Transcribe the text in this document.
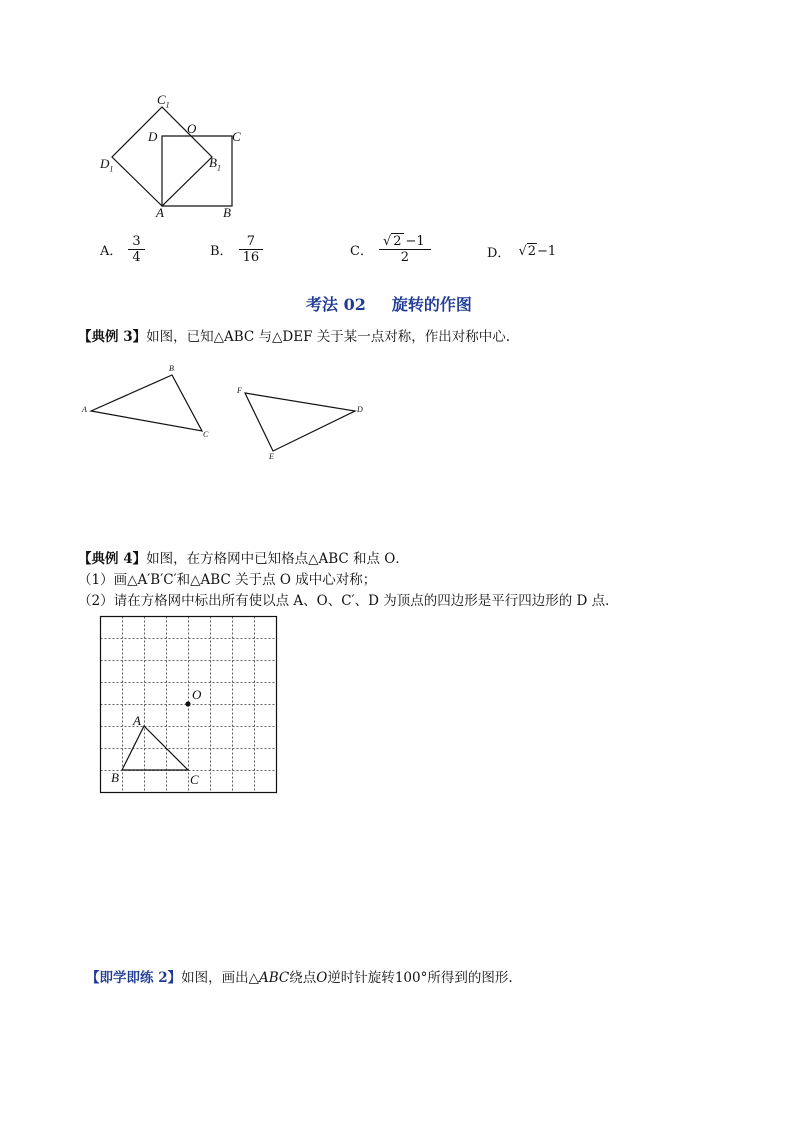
$C_1$
D
O
C
$D_1$	$B_1$
A	B
A． $\frac{3}{4}$	B． $\frac{7}{16}$	C． $\frac{√ 2 -1}{2}$	D． √2−1
考法 02 旋转的作图
【典例 3】如图，已知△ABC 与△DEF 关于某一点对称，作出对称中心.
A
B
C
D
E
F
【典例 4】如图，在方格网中已知格点△ABC 和点 O．
（1）画△A′B′C′和△ABC 关于点 O 成中心对称；
（2）请在方格网中标出所有使以点 A、O、C′、D 为顶点的四边形是平行四边形的 D 点．
A
B	C
O
【即学即练 2】如图，画出△ABC绕点O逆时针旋转100°所得到的图形.
